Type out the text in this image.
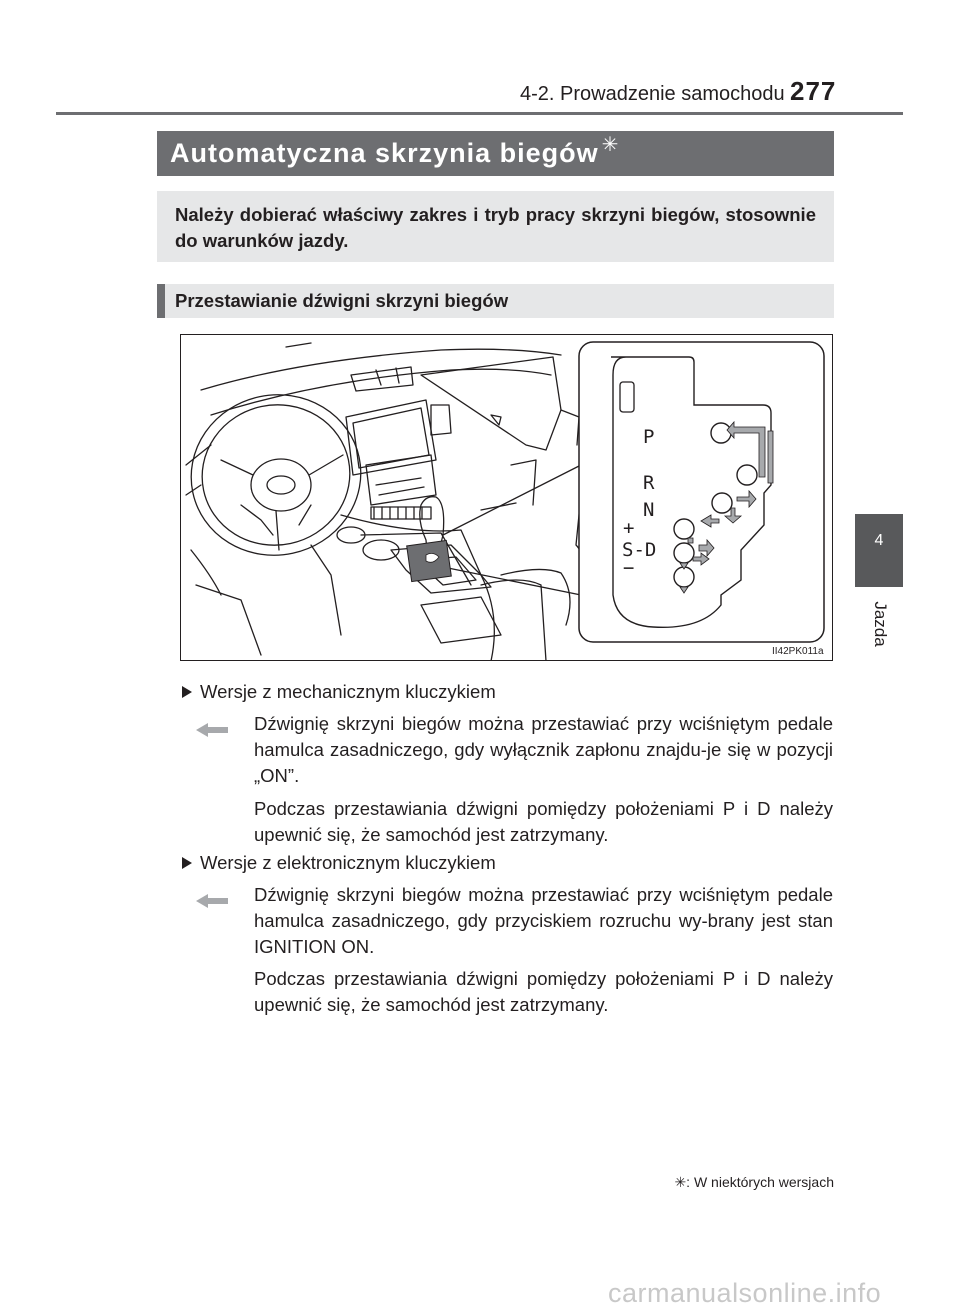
4-2. Prowadzenie samochodu 277
4
Jazda
Automatyczna skrzynia biegów ✳

Należy dobierać właściwy zakres i tryb pracy skrzyni biegów, stosownie do warunków jazdy.

Przestawianie dźwigni skrzyni biegów
P
R
N
+
S-D
−
II42PK011a
Wersje z mechanicznym kluczykiem
Dźwignię skrzyni biegów można przestawiać przy wciśniętym pedale hamulca zasadniczego, gdy wyłącznik zapłonu znajdu-je się w pozycji „ON”.
Podczas przestawiania dźwigni pomiędzy położeniami P i D należy upewnić się, że samochód jest zatrzymany.
Wersje z elektronicznym kluczykiem
Dźwignię skrzyni biegów można przestawiać przy wciśniętym pedale hamulca zasadniczego, gdy przyciskiem rozruchu wy-brany jest stan IGNITION ON.
Podczas przestawiania dźwigni pomiędzy położeniami P i D należy upewnić się, że samochód jest zatrzymany.
✳: W niektórych wersjach
carmanualsonline.info
